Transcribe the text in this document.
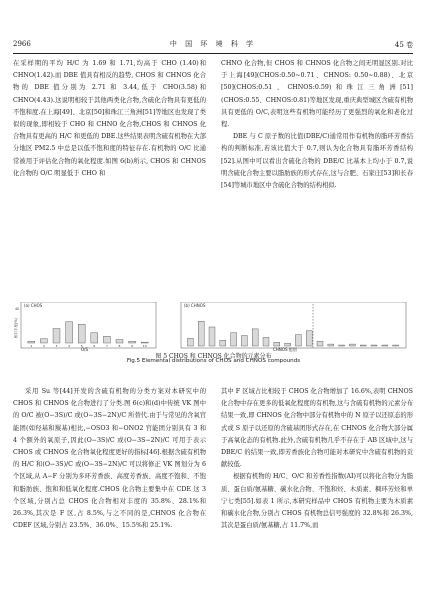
2966	中 国 环 境 科 学	45 卷

在采样期的平均 H/C 为 1.69 和 1.71,均高于 CHO (1.40)和 CHNO(1.42).而 DBE 值具有相反的趋势, CHOS 和 CHNOS 化合物的 DBE 值分别为 2.71 和 3.44,低于 CHO(3.58)和 CHNO(4.43).这说明相较于其他两类化合物,含硫化合物具有更低的不饱和度.在上海[49]、北京[50]和珠江三角洲[51]等地区也发现了类似的现象,即相较于 CHO 和 CHNO 化合物,CHOS 和 CHNOS 化合物具有更高的 H/C 和更低的 DBE.这些结果表明含硫有机物在大部分地区 PM2.5 中总是以低不饱和度的特征存在.有机物的 O/C 比通常被用于评估化合物的氧化程度.如图 6(b)所示, CHOS 和 CHNOS 化合物的 O/C 明显低于 CHO 和

CHNO 化合物,但 CHOS 和 CHNOS 化合物之间无明显区别.对比于上海[49](CHOS:0.50~0.71、CHNOS: 0.50~0.88)、北京[50](CHOS:0.51、CHNOS:0.59)和珠江三角洲[51](CHOS:0.55、CHNOS:0.81)等地区发现,重庆典型城区含硫有机物具有更低的 O/C,表明这些有机物可能经历了更强烈的氧化和老化过程.

DBE 与 C 原子数的比值(DBE/C)通常用作有机物的脂环芳香结构的判断标准,若该比值大于 0.7,则认为化合物具有脂环芳香结构[52].从图中可以看出含硫化合物的 DBE/C 比基本上均小于 0.7,说明含硫化合物主要以脂肪族的形式存在,这与合肥、石家庄[53]和长春[54]等城市地区中含硫化合物的结构相似.

(a) CHOS
相对丰度(%)
40
1	2	3	4	5	6	7	8	9	10
(b) CHNOS
O/S	CHNOS 组别
图 5 CHOS 和 CHNOS 化合物的元素分布
Fig.5 Elemental distributions of CHOS and CHNOS compounds

采用 Su 等[44]开发的含硫有机物的分类方案对本研究中的 CHOS 和 CHNOS 化合物进行了分类.图 6(c)和(d)中传统 VK 图中的 O/C 被(O−3S)/C 或(O−3S−2N)/C 所替代.由于与常见的含氧官能团(如羟基和羰基)相比,−OSO3 和−ONO2 官能团分别具有 3 和 4 个额外的氧原子,因此(O−3S)/C 或(O−3S−2N)/C 可用于表示 CHOS 或 CHNOS 化合物氧化程度更好的指标[46].根据含硫有机物的 H/C 和(O−3S)/C 或(O−3S−2N)/C 可以将修正 VK 图划分为 6 个区域,从 A−F 分别为多环芳香族、高度芳香族、高度不饱和、不饱和脂肪族、饱和和低氧化程度.CHOS 化合物主要集中在 CDE 这 3 个区域,分别占总 CHOS 化合物相对丰度的 35.8%、28.1%和 26.3%,其次是 F 区,占 8.5%,与之不同的是,CHNOS 化合物在 CDEF 区域,分别占 23.5%、36.0%、15.5%和 25.1%.

其中 F 区域占比相较于 CHOS 化合物增加了 16.6%,表明 CHNOS 化合物中存在更多的低氧化程度的有机物,这与含硫有机物的元素分布结果一致,即 CHNOS 化合物中部分有机物中的 N 原子以还原态的形式或 S 原子以还原的含硫基团形式存在,在 CHNOS 化合物大部分属于高氧化态的有机物.此外,含硫有机物几乎不存在于 AB 区域中,这与 DBE/C 的结果一致,即芳香族化合物可能对本研究中含硫有机物的贡献较低.

根据有机物的 H/C、O/C 和芳香性指数(AI)可以将化合物分为脂质、蛋白质/氨基糖、碳水化合物、不饱和烃、木质素、稠环芳烃和单宁七类[55].如表 1 所示,本研究样品中 CHOS 有机物主要为木质素和碳水化合物,分别占 CHOS 有机物总信号强度的 32.8%和 26.3%,其次是蛋白质/氨基糖,占 11.7%,而
